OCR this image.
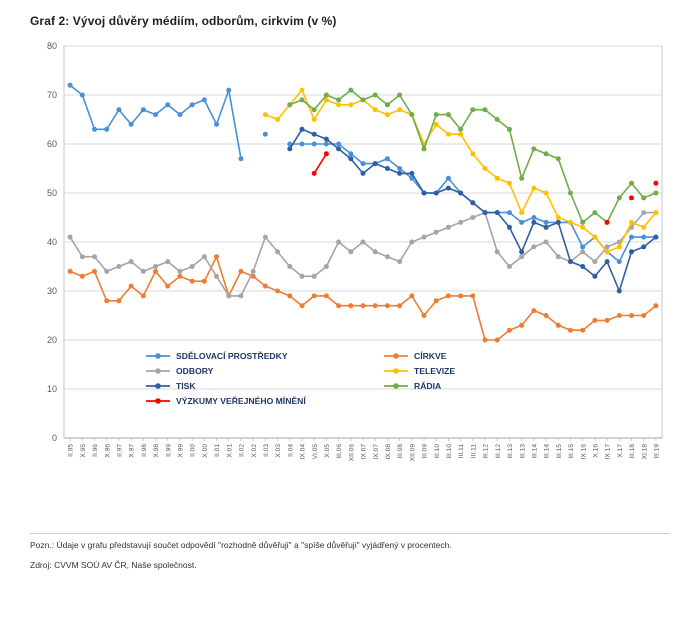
Graf 2: Vývoj důvěry médiím, odborům, cirkvim (v %)
0
10
20
30
40
50
60
70
80
II.95 X.95 II.96 X.96 II.97 X.97 II.98 X.98 II.99 X.99 II.00 X.00 II.01 X.01 II.02 X.02 II.03 X.03 II.04 IX.04 VI.05 X.05 III.06 XII.06 IX.07 IX.07 IX.08 III.08 XII.09 III.09 III.10 III.10 III.11 III.11 III.12 III.12 III.13 III.13 III.14 III.14 III.15 III.15 IX.16 X.16 IX.17 X.17 III.18 XI.18 III.19
SDĚLOVACÍ PROSTŘEDKY
ODBORY
TISK
VÝZKUMY VEŘEJNÉHO MÍNĚNÍ
CÍRKVE
TELEVIZE
RÁDIA
Pozn.: Údaje v grafu představují součet odpovědí "rozhodně důvěřuji" a "spíše důvěřuji" vyjádřený v procentech.
Zdroj: CVVM SOÚ AV ČR, Naše společnost.
